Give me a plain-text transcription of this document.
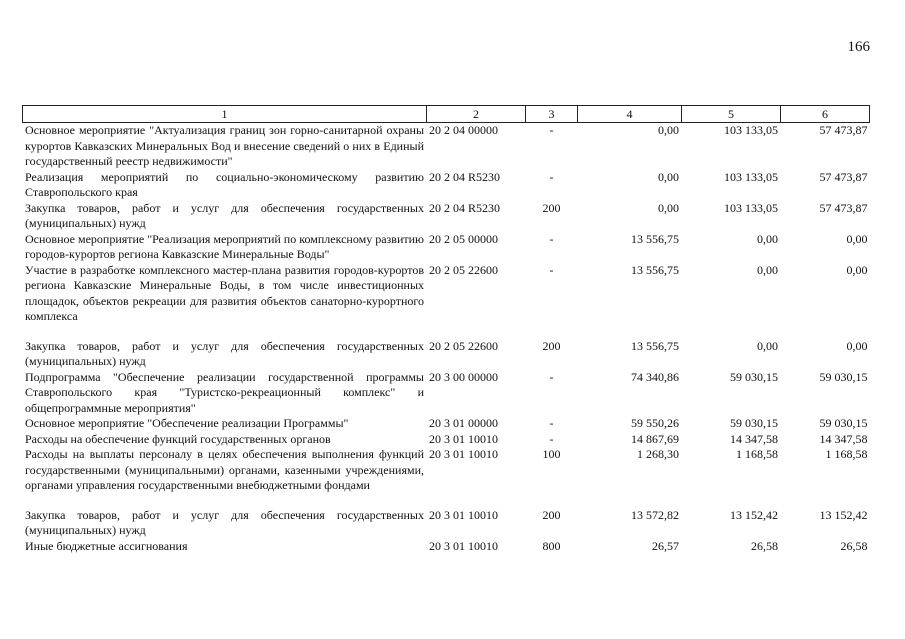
166
1	2	3	4	5	6
Основное мероприятие "Актуализация границ зон горно-санитарной охраны курортов Кавказских Минеральных Вод и внесение сведений о них в Единый государственный реестр недвижимости"	20 2 04 00000	-	0,00	103 133,05	57 473,87
Реализация мероприятий по социально-экономическому развитию Ставропольского края	20 2 04 R5230	-	0,00	103 133,05	57 473,87
Закупка товаров, работ и услуг для обеспечения государственных (муниципальных) нужд	20 2 04 R5230	200	0,00	103 133,05	57 473,87
Основное мероприятие "Реализация мероприятий по комплексному развитию городов-курортов региона Кавказские Минеральные Воды"	20 2 05 00000	-	13 556,75	0,00	0,00
Участие в разработке комплексного мастер-плана развития городов-курортов региона Кавказские Минеральные Воды, в том числе инвестиционных площадок, объектов рекреации для развития объектов санаторно-курортного комплекса	20 2 05 22600	-	13 556,75	0,00	0,00
Закупка товаров, работ и услуг для обеспечения государственных (муниципальных) нужд	20 2 05 22600	200	13 556,75	0,00	0,00
Подпрограмма "Обеспечение реализации государственной программы Ставропольского края "Туристско-рекреационный комплекс" и общепрограммные мероприятия"	20 3 00 00000	-	74 340,86	59 030,15	59 030,15
Основное мероприятие "Обеспечение реализации Программы"	20 3 01 00000	-	59 550,26	59 030,15	59 030,15
Расходы на обеспечение функций государственных органов	20 3 01 10010	-	14 867,69	14 347,58	14 347,58
Расходы на выплаты персоналу в целях обеспечения выполнения функций государственными (муниципальными) органами, казенными учреждениями, органами управления государственными внебюджетными фондами	20 3 01 10010	100	1 268,30	1 168,58	1 168,58
Закупка товаров, работ и услуг для обеспечения государственных (муниципальных) нужд	20 3 01 10010	200	13 572,82	13 152,42	13 152,42
Иные бюджетные ассигнования	20 3 01 10010	800	26,57	26,58	26,58
